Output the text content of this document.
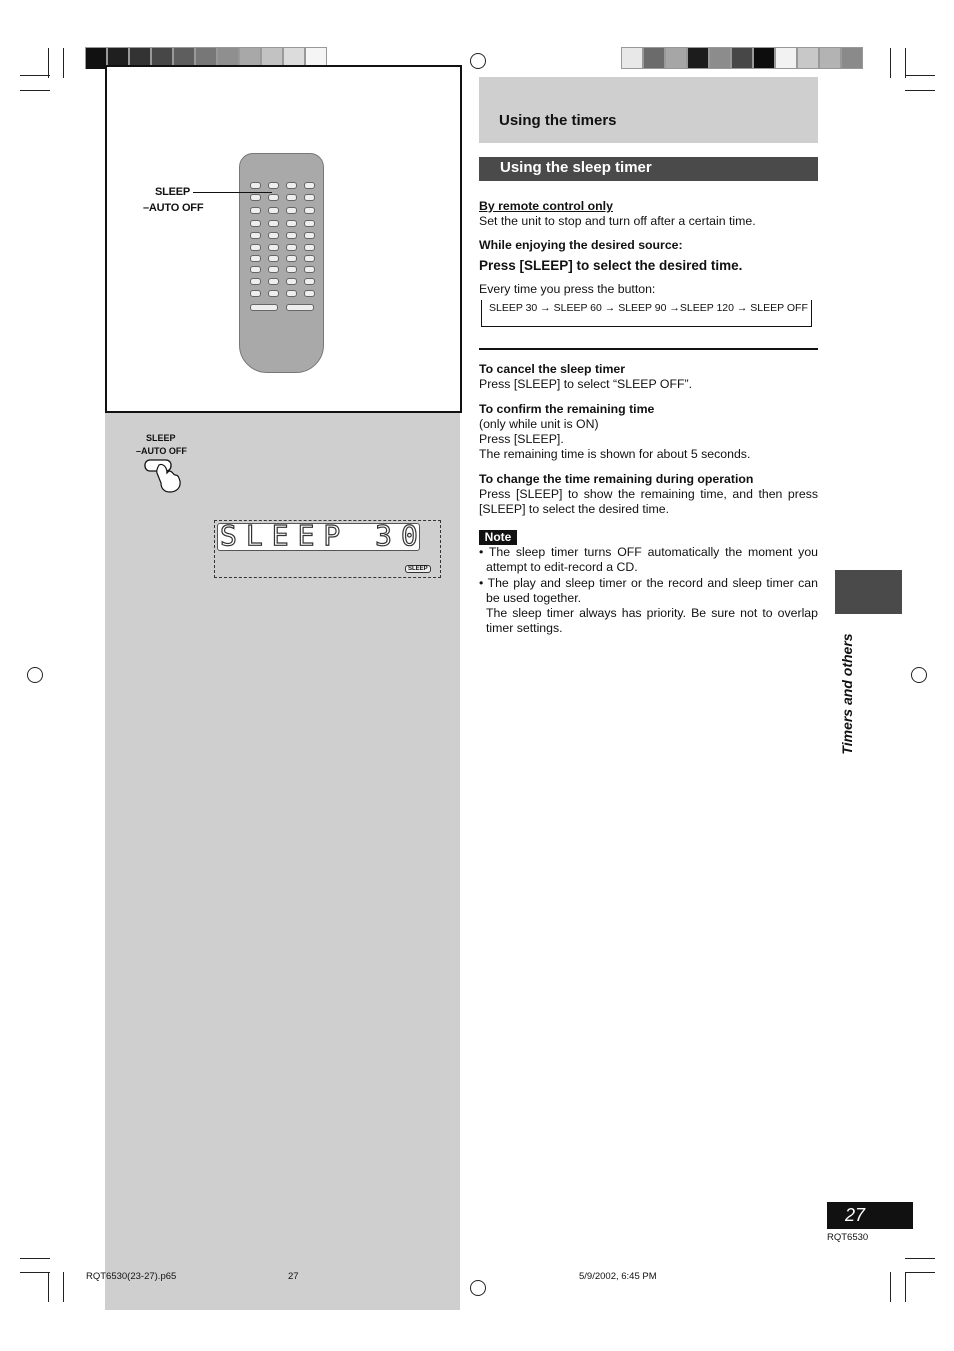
SLEEP
–AUTO OFF
SLEEP
–AUTO OFF
SLEEP 30
SLEEP
Using the timers
Using the sleep timer
By remote control only
Set the unit to stop and turn off after a certain time.
While enjoying the desired source:
Press [SLEEP] to select the desired time.
Every time you press the button:
SLEEP 30 → SLEEP 60 → SLEEP 90 →SLEEP 120 → SLEEP OFF
To cancel the sleep timer
Press [SLEEP] to select “SLEEP OFF”.
To confirm the remaining time
(only while unit is ON)
Press [SLEEP].
The remaining time is shown for about 5 seconds.
To change the time remaining during operation
Press [SLEEP] to show the remaining time, and then press [SLEEP] to select the desired time.
Note
• The sleep timer turns OFF automatically the moment you attempt to edit-record a CD.
• The play and sleep timer or the record and sleep timer can be used together.
The sleep timer always has priority. Be sure not to overlap timer settings.
Timers and others
27
RQT6530
RQT6530(23-27).p65	27	5/9/2002, 6:45 PM
